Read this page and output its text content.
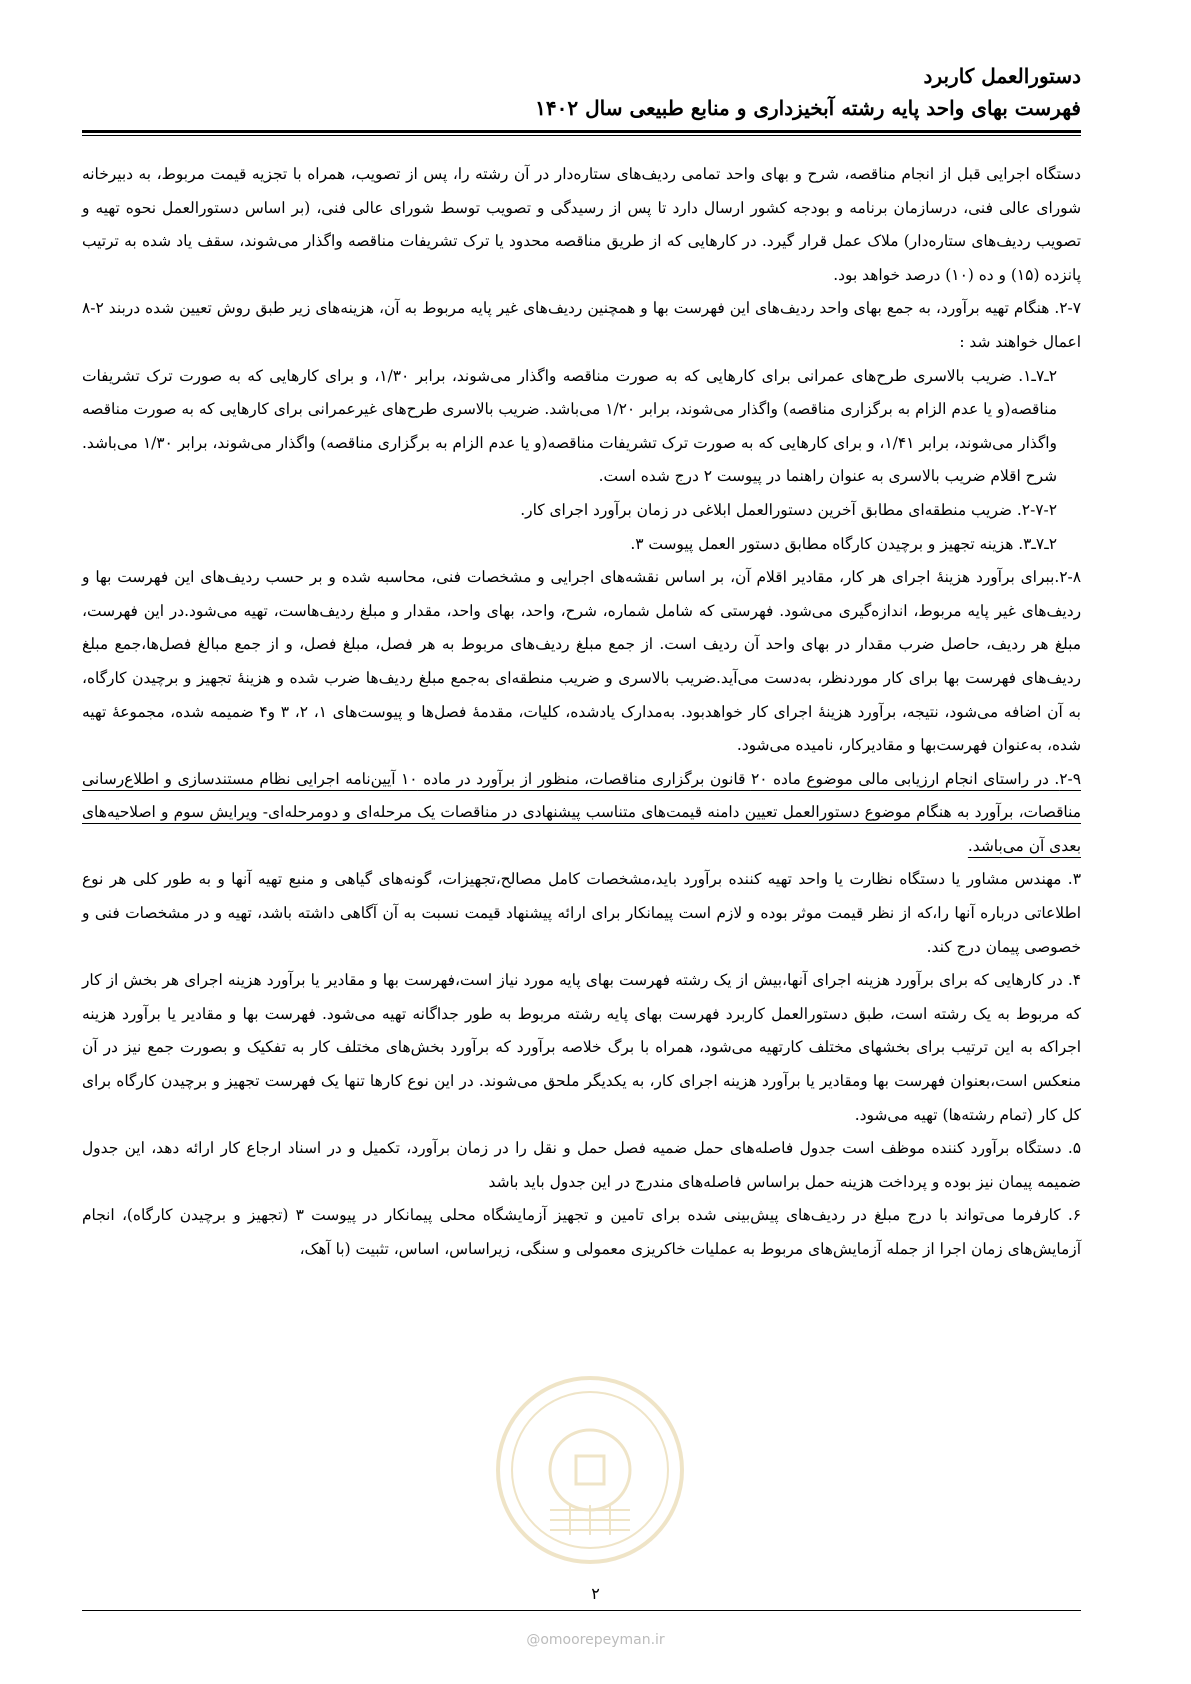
دستورالعمل کاربرد
فهرست بهای واحد پایه رشته آبخیزداری و منابع طبیعی سال ۱۴۰۲

دستگاه اجرایی قبل از انجام مناقصه، شرح و بهای واحد تمامی ردیف‌های ستاره‌دار در آن رشته را، پس از تصویب، همراه با تجزیه قیمت مربوط، به دبیرخانه شورای عالی فنی، درسازمان برنامه و بودجه کشور ارسال دارد تا پس از رسیدگی و تصویب توسط شورای عالی فنی، (بر اساس دستورالعمل نحوه تهیه و تصویب ردیف‌های ستاره‌دار) ملاک عمل قرار گیرد. در کارهایی که از طریق مناقصه محدود یا ترک تشریفات مناقصه واگذار می‌شوند، سقف یاد شده به ترتیب پانزده (۱۵) و ده (۱۰) درصد خواهد بود.

۲-۷. هنگام تهیه برآورد، به جمع بهای واحد ردیف‌های این فهرست بها و همچنین ردیف‌های غیر پایه مربوط به آن، هزینه‌های زیر طبق روش تعیین شده دربند ۲-۸ اعمال خواهند شد :

۲ـ۷ـ۱. ضریب بالاسری طرح‌های عمرانی برای کارهایی که به صورت مناقصه واگذار می‌شوند، برابر ۱/۳۰، و برای کارهایی که به صورت ترک تشریفات مناقصه(و یا عدم الزام به برگزاری مناقصه) واگذار می‌شوند، برابر ۱/۲۰ می‌باشد. ضریب بالاسری طرح‌های غیرعمرانی برای کارهایی که به صورت مناقصه واگذار می‌شوند، برابر ۱/۴۱، و برای کارهایی که به صورت ترک تشریفات مناقصه(و یا عدم الزام به برگزاری مناقصه) واگذار می‌شوند، برابر ۱/۳۰ می‌باشد. شرح اقلام ضریب بالاسری به عنوان راهنما در پیوست ۲ درج شده است.

۲-۷-۲. ضریب منطقه‌ای مطابق آخرین دستورالعمل ابلاغی در زمان برآورد اجرای کار.

۲ـ۷ـ۳. هزینه تجهیز و برچیدن کارگاه مطابق دستور العمل پیوست ۳.

۲-۸.ببرای برآورد هزینۀ اجرای هر کار، مقادیر اقلام آن، بر اساس نقشه‌های اجرایی و مشخصات فنی، محاسبه شده و بر حسب ردیف‌های این فهرست بها و ردیف‌های غیر پایه مربوط، اندازه‌گیری می‌شود. فهرستی که شامل شماره، شرح، واحد، بهای واحد، مقدار و مبلغ ردیف‌هاست، تهیه می‌شود.در این فهرست، مبلغ هر ردیف، حاصل ضرب مقدار در بهای واحد آن ردیف است. از جمع مبلغ ردیف‌های مربوط به هر فصل، مبلغ فصل، و از جمع مبالغ فصل‌ها،جمع مبلغ ردیف‌های فهرست بها برای کار موردنظر، به‌دست می‌آید.ضریب بالاسری و ضریب منطقه‌ای به‌جمع مبلغ ردیف‌ها ضرب شده و هزینۀ تجهیز و برچیدن کارگاه، به آن اضافه می‌شود، نتیجه، برآورد هزینۀ اجرای کار خواهدبود. به‌مدارک یادشده، کلیات، مقدمۀ فصل‌ها و پیوست‌های ۱، ۲، ۳ و۴ ضمیمه شده، مجموعۀ تهیه شده، به‌عنوان فهرست‌بها و مقادیرکار، نامیده می‌شود.

۲-۹. در راستای انجام ارزیابی مالی موضوع ماده ۲۰ قانون برگزاری مناقصات، منظور از برآورد در ماده ۱۰ آیین‌نامه اجرایی نظام مستندسازی و اطلاع‌رسانی مناقصات، برآورد به هنگام موضوع دستورالعمل تعیین دامنه قیمت‌های متناسب پیشنهادی در مناقصات یک مرحله‌ای و دومرحله‌ای- ویرایش سوم و اصلاحیه‌های بعدی آن می‌باشد.

۳. مهندس مشاور یا دستگاه نظارت یا واحد تهیه کننده برآورد باید،مشخصات کامل مصالح،تجهیزات، گونه‌های گیاهی و منبع تهیه آنها و به طور کلی هر نوع اطلاعاتی درباره آنها را،که از نظر قیمت موثر بوده و لازم است پیمانکار برای ارائه پیشنهاد قیمت نسبت به آن آگاهی داشته باشد، تهیه و در مشخصات فنی و خصوصی پیمان درج کند.

۴. در کارهایی که برای برآورد هزینه اجرای آنها،بیش از یک رشته فهرست بهای پایه مورد نیاز است،فهرست بها و مقادیر یا برآورد هزینه اجرای هر بخش از کار که مربوط به یک رشته است، طبق دستورالعمل کاربرد فهرست بهای پایه رشته مربوط به طور جداگانه تهیه می‌شود. فهرست بها و مقادیر یا برآورد هزینه اجراکه به این ترتیب برای بخشهای مختلف کارتهیه می‌شود، همراه با برگ خلاصه برآورد که برآورد بخش‌های مختلف کار به تفکیک و بصورت جمع نیز در آن منعکس است،بعنوان فهرست بها ومقادیر یا برآورد هزینه اجرای کار، به یکدیگر ملحق می‌شوند. در این نوع کارها تنها یک فهرست تجهیز و برچیدن کارگاه برای کل کار (تمام رشته‌ها) تهیه می‌شود.

۵. دستگاه برآورد کننده موظف است جدول فاصله‌های حمل ضمیه فصل حمل و نقل را در زمان برآورد، تکمیل و در اسناد ارجاع کار ارائه دهد، این جدول ضمیمه پیمان نیز بوده و پرداخت هزینه حمل براساس فاصله‌های مندرج در این جدول باید باشد

۶. کارفرما می‌تواند با درج مبلغ در ردیف‌های پیش‌بینی شده برای تامین و تجهیز آزمایشگاه محلی پیمانکار در پیوست ۳ (تجهیز و برچیدن کارگاه)، انجام آزمایش‌های زمان اجرا از جمله آزمایش‌های مربوط به عملیات خاکریزی معمولی و سنگی، زیراساس، اساس، تثبیت (با آهک،

۲
@omoorepeyman.ir
